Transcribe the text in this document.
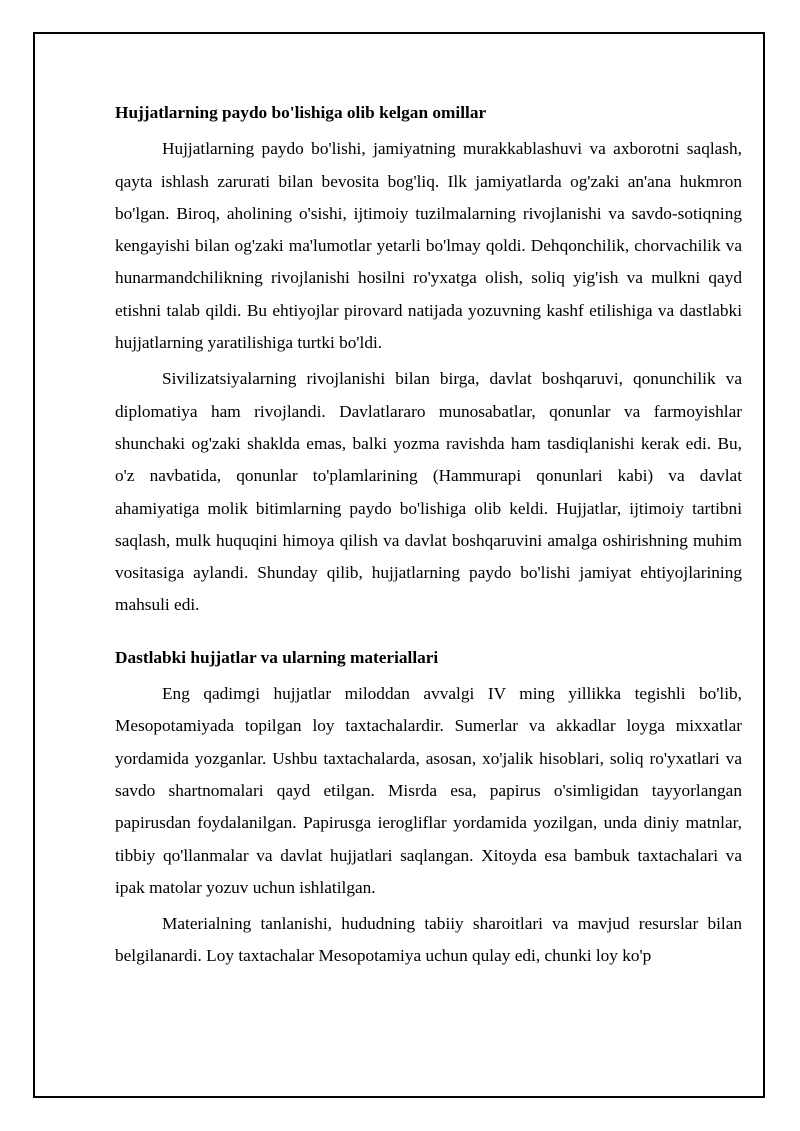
Hujjatlarning paydo bo'lishiga olib kelgan omillar

Hujjatlarning paydo bo'lishi, jamiyatning murakkablashuvi va axborotni saqlash, qayta ishlash zarurati bilan bevosita bog'liq. Ilk jamiyatlarda og'zaki an'ana hukmron bo'lgan. Biroq, aholining o'sishi, ijtimoiy tuzilmalarning rivojlanishi va savdo-sotiqning kengayishi bilan og'zaki ma'lumotlar yetarli bo'lmay qoldi. Dehqonchilik, chorvachilik va hunarmandchilikning rivojlanishi hosilni ro'yxatga olish, soliq yig'ish va mulkni qayd etishni talab qildi. Bu ehtiyojlar pirovard natijada yozuvning kashf etilishiga va dastlabki hujjatlarning yaratilishiga turtki bo'ldi.

Sivilizatsiyalarning rivojlanishi bilan birga, davlat boshqaruvi, qonunchilik va diplomatiya ham rivojlandi. Davlatlararo munosabatlar, qonunlar va farmoyishlar shunchaki og'zaki shaklda emas, balki yozma ravishda ham tasdiqlanishi kerak edi. Bu, o'z navbatida, qonunlar to'plamlarining (Hammurapi qonunlari kabi) va davlat ahamiyatiga molik bitimlarning paydo bo'lishiga olib keldi. Hujjatlar, ijtimoiy tartibni saqlash, mulk huquqini himoya qilish va davlat boshqaruvini amalga oshirishning muhim vositasiga aylandi. Shunday qilib, hujjatlarning paydo bo'lishi jamiyat ehtiyojlarining mahsuli edi.

Dastlabki hujjatlar va ularning materiallari

Eng qadimgi hujjatlar miloddan avvalgi IV ming yillikka tegishli bo'lib, Mesopotamiyada topilgan loy taxtachalardir. Sumerlar va akkadlar loyga mixxatlar yordamida yozganlar. Ushbu taxtachalarda, asosan, xo'jalik hisoblari, soliq ro'yxatlari va savdo shartnomalari qayd etilgan. Misrda esa, papirus o'simligidan tayyorlangan papirusdan foydalanilgan. Papirusga ierogliflar yordamida yozilgan, unda diniy matnlar, tibbiy qo'llanmalar va davlat hujjatlari saqlangan. Xitoyda esa bambuk taxtachalari va ipak matolar yozuv uchun ishlatilgan.

Materialning tanlanishi, hududning tabiiy sharoitlari va mavjud resurslar bilan belgilanardi. Loy taxtachalar Mesopotamiya uchun qulay edi, chunki loy ko'p
